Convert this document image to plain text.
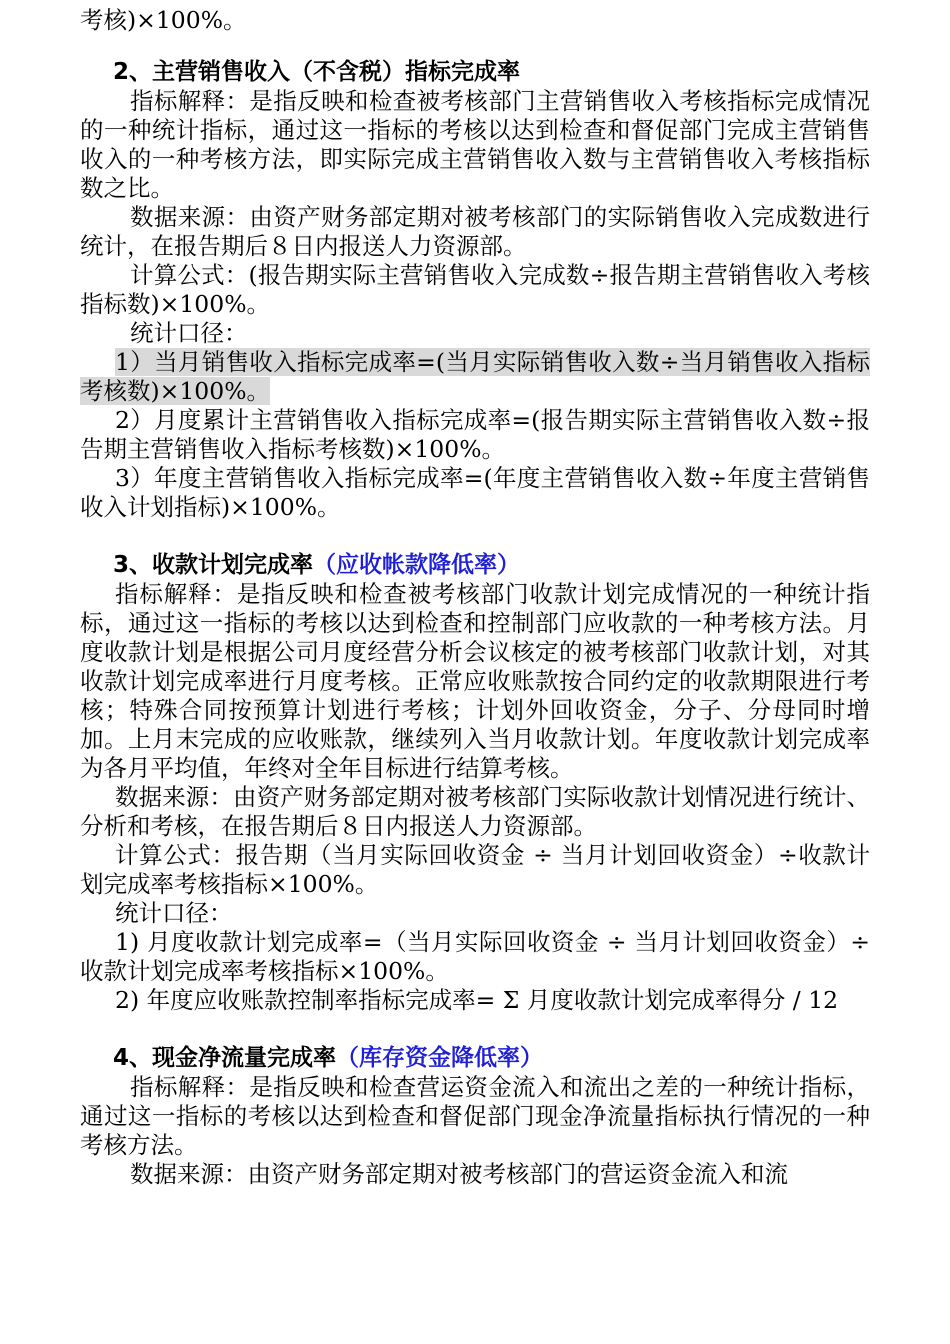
考核)×100%。

2、主营销售收入（不含税）指标完成率

指标解释：是指反映和检查被考核部门主营销售收入考核指标完成情况的一种统计指标，通过这一指标的考核以达到检查和督促部门完成主营销售收入的一种考核方法，即实际完成主营销售收入数与主营销售收入考核指标数之比。

数据来源：由资产财务部定期对被考核部门的实际销售收入完成数进行统计，在报告期后８日内报送人力资源部。

计算公式：(报告期实际主营销售收入完成数÷报告期主营销售收入考核指标数)×100%。

统计口径：

1）当月销售收入指标完成率=(当月实际销售收入数÷当月销售收入指标考核数)×100%。

2）月度累计主营销售收入指标完成率=(报告期实际主营销售收入数÷报告期主营销售收入指标考核数)×100%。

3）年度主营销售收入指标完成率=(年度主营销售收入数÷年度主营销售收入计划指标)×100%。

3、收款计划完成率（应收帐款降低率）

指标解释：是指反映和检查被考核部门收款计划完成情况的一种统计指标，通过这一指标的考核以达到检查和控制部门应收款的一种考核方法。月度收款计划是根据公司月度经营分析会议核定的被考核部门收款计划，对其收款计划完成率进行月度考核。正常应收账款按合同约定的收款期限进行考核；特殊合同按预算计划进行考核；计划外回收资金，分子、分母同时增加。上月末完成的应收账款，继续列入当月收款计划。年度收款计划完成率为各月平均值，年终对全年目标进行结算考核。

数据来源：由资产财务部定期对被考核部门实际收款计划情况进行统计、分析和考核，在报告期后８日内报送人力资源部。

计算公式：报告期（当月实际回收资金 ÷ 当月计划回收资金）÷收款计划完成率考核指标×100%。

统计口径：

1) 月度收款计划完成率=（当月实际回收资金 ÷ 当月计划回收资金）÷ 收款计划完成率考核指标×100%。

2) 年度应收账款控制率指标完成率= Σ 月度收款计划完成率得分 / 12

4、现金净流量完成率（库存资金降低率）

指标解释：是指反映和检查营运资金流入和流出之差的一种统计指标，通过这一指标的考核以达到检查和督促部门现金净流量指标执行情况的一种考核方法。

数据来源：由资产财务部定期对被考核部门的营运资金流入和流
